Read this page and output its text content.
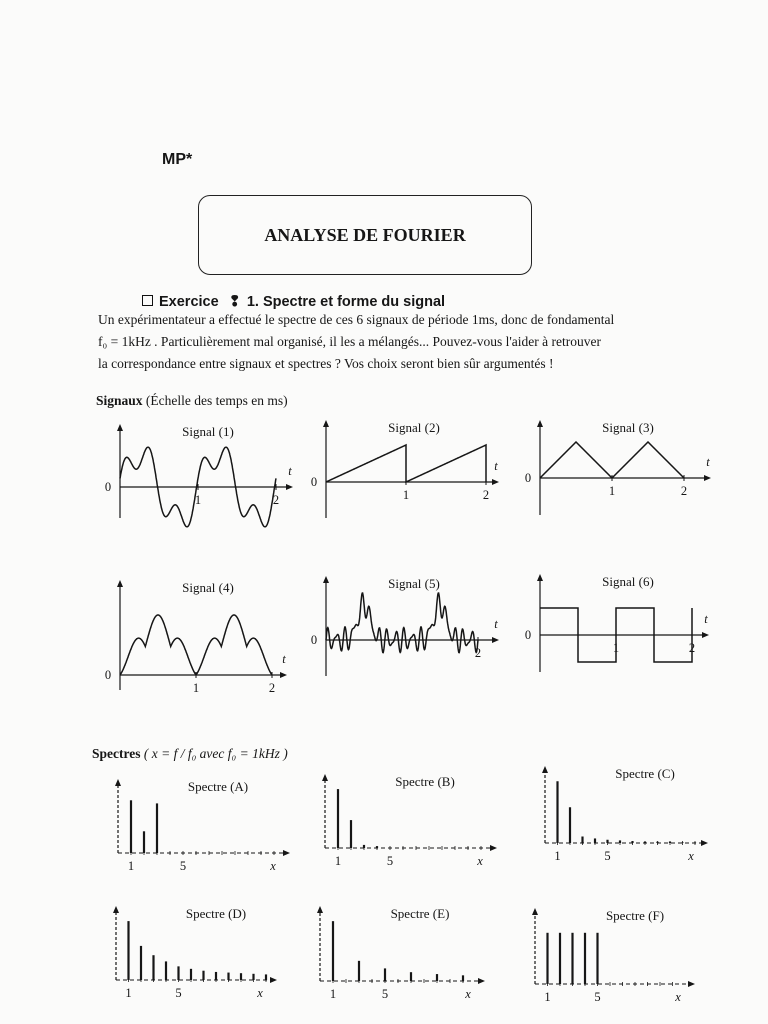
MP*
ANALYSE DE FOURIER
Exercice ❢ 1. Spectre et forme du signal
Un expérimentateur a effectué le spectre de ces 6 signaux de période 1ms, donc de fondamental
f₀ = 1kHz . Particulièrement mal organisé, il les a mélangés... Pouvez-vous l'aider à retrouver
la correspondance entre signaux et spectres ? Vos choix seront bien sûr argumentés !
Signaux (Échelle des temps en ms)
Spectres ( x = f / f₀ avec f₀ = 1kHz )
Signal (1)
0
t
1	2
Signal (2)
0
t
1	2
Signal (3)
0
t
1	2
Signal (4)
0
t
1	2
Signal (5)
0
t
2
Signal (6)
0
t
1	2
Spectre (A)
x
1	5
Spectre (B)
x
1	5
Spectre (C)
x
1	5
Spectre (D)
x
1	5
Spectre (E)
x
1	5
Spectre (F)
x
1	5
